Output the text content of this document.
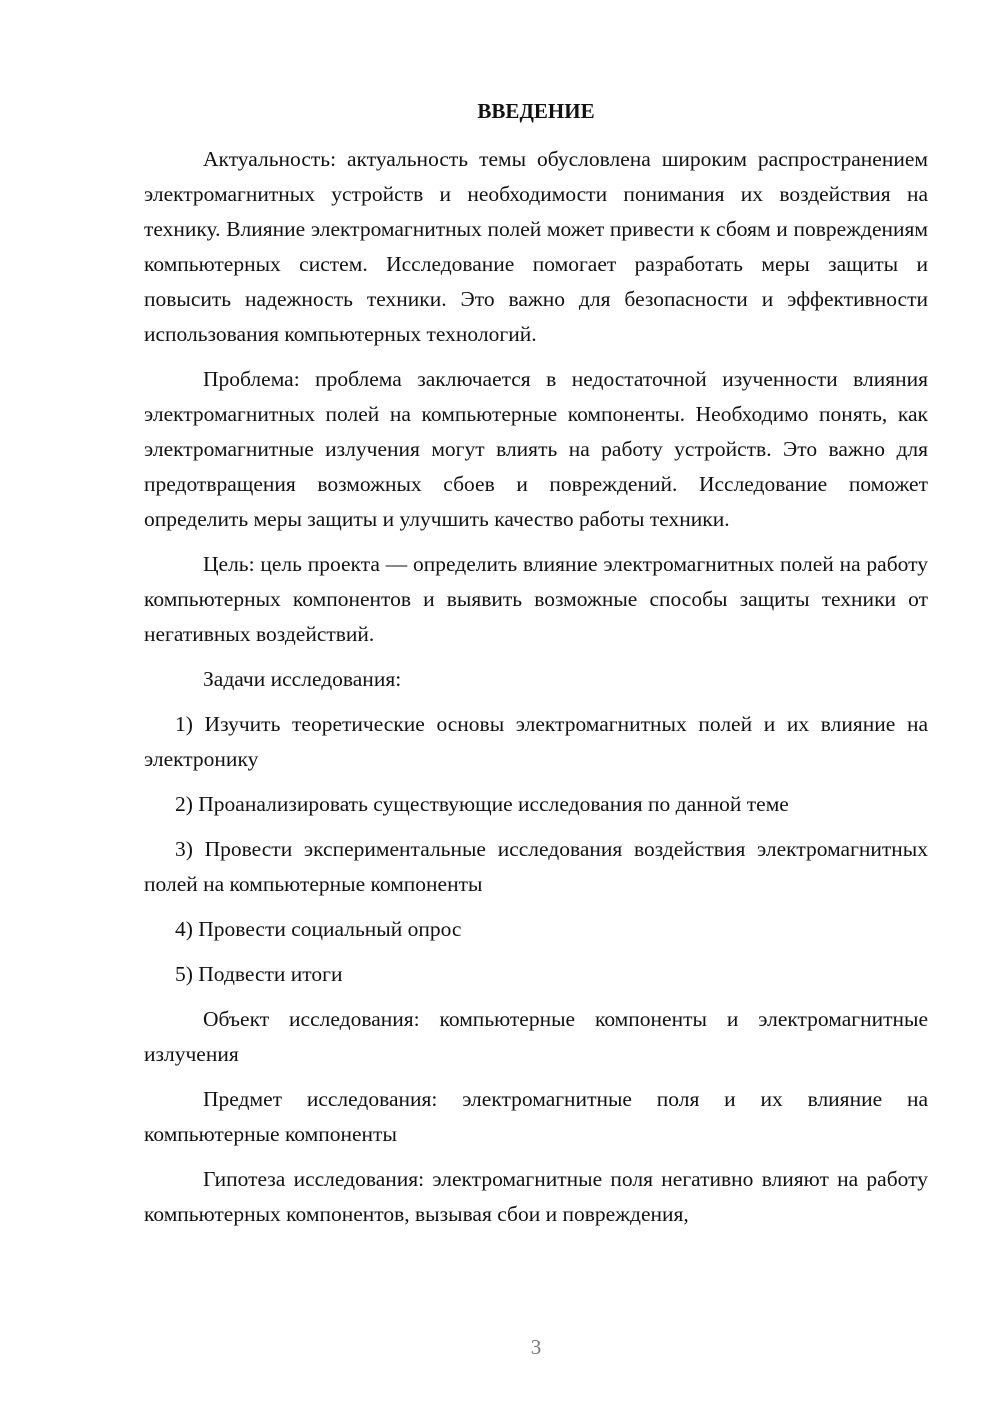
ВВЕДЕНИЕ

Актуальность: актуальность темы обусловлена широким распространением электромагнитных устройств и необходимости понимания их воздействия на технику. Влияние электромагнитных полей может привести к сбоям и повреждениям компьютерных систем. Исследование помогает разработать меры защиты и повысить надежность техники. Это важно для безопасности и эффективности использования компьютерных технологий.

Проблема: проблема заключается в недостаточной изученности влияния электромагнитных полей на компьютерные компоненты. Необходимо понять, как электромагнитные излучения могут влиять на работу устройств. Это важно для предотвращения возможных сбоев и повреждений. Исследование поможет определить меры защиты и улучшить качество работы техники.

Цель: цель проекта — определить влияние электромагнитных полей на работу компьютерных компонентов и выявить возможные способы защиты техники от негативных воздействий.

Задачи исследования:

1) Изучить теоретические основы электромагнитных полей и их влияние на электронику

2) Проанализировать существующие исследования по данной теме

3) Провести экспериментальные исследования воздействия электромагнитных полей на компьютерные компоненты

4) Провести социальный опрос

5) Подвести итоги

Объект исследования: компьютерные компоненты и электромагнитные излучения

Предмет исследования: электромагнитные поля и их влияние на компьютерные компоненты

Гипотеза исследования: электромагнитные поля негативно влияют на работу компьютерных компонентов, вызывая сбои и повреждения,

3
